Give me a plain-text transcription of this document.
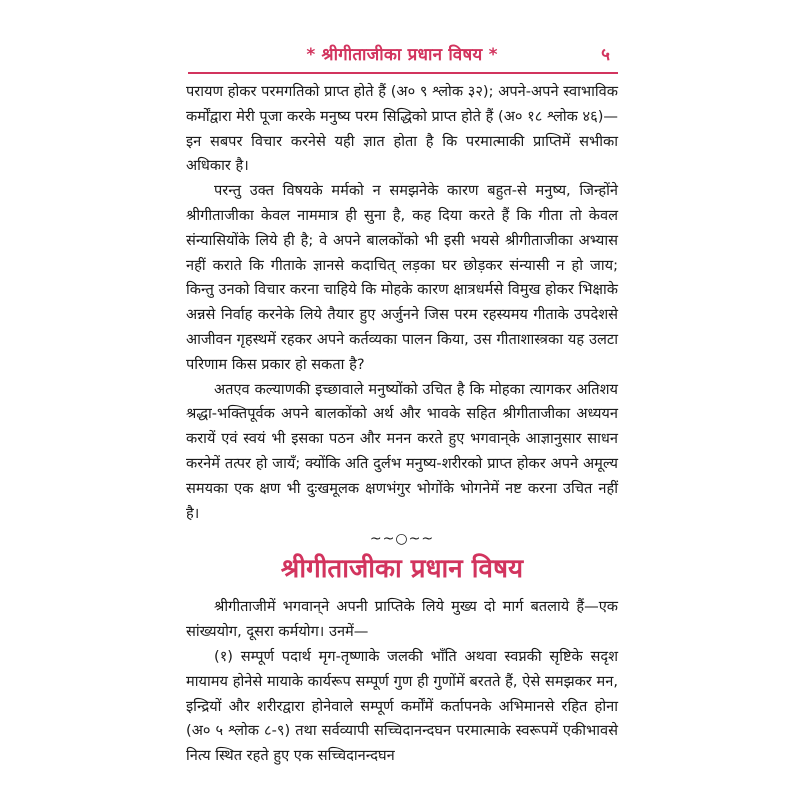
* श्रीगीताजीका प्रधान विषय *	५

परायण होकर परमगतिको प्राप्त होते हैं (अ० ९ श्लोक ३२); अपने-अपने स्वाभाविक कर्मोंद्वारा मेरी पूजा करके मनुष्य परम सिद्धिको प्राप्त होते हैं (अ० १८ श्लोक ४६)—इन सबपर विचार करनेसे यही ज्ञात होता है कि परमात्माकी प्राप्तिमें सभीका अधिकार है।

परन्तु उक्त विषयके मर्मको न समझनेके कारण बहुत-से मनुष्य, जिन्होंने श्रीगीताजीका केवल नाममात्र ही सुना है, कह दिया करते हैं कि गीता तो केवल संन्यासियोंके लिये ही है; वे अपने बालकोंको भी इसी भयसे श्रीगीताजीका अभ्यास नहीं कराते कि गीताके ज्ञानसे कदाचित् लड़का घर छोड़कर संन्यासी न हो जाय; किन्तु उनको विचार करना चाहिये कि मोहके कारण क्षात्रधर्मसे विमुख होकर भिक्षाके अन्नसे निर्वाह करनेके लिये तैयार हुए अर्जुनने जिस परम रहस्यमय गीताके उपदेशसे आजीवन गृहस्थमें रहकर अपने कर्तव्यका पालन किया, उस गीताशास्त्रका यह उलटा परिणाम किस प्रकार हो सकता है?

अतएव कल्याणकी इच्छावाले मनुष्योंको उचित है कि मोहका त्यागकर अतिशय श्रद्धा-भक्तिपूर्वक अपने बालकोंको अर्थ और भावके सहित श्रीगीताजीका अध्ययन करायें एवं स्वयं भी इसका पठन और मनन करते हुए भगवान्‌के आज्ञानुसार साधन करनेमें तत्पर हो जायँ; क्योंकि अति दुर्लभ मनुष्य-शरीरको प्राप्त होकर अपने अमूल्य समयका एक क्षण भी दुःखमूलक क्षणभंगुर भोगोंके भोगनेमें नष्ट करना उचित नहीं है।

~~○~~
श्रीगीताजीका प्रधान विषय

श्रीगीताजीमें भगवान्‌ने अपनी प्राप्तिके लिये मुख्य दो मार्ग बतलाये हैं—एक सांख्ययोग, दूसरा कर्मयोग। उनमें—

(१) सम्पूर्ण पदार्थ मृग-तृष्णाके जलकी भाँति अथवा स्वप्नकी सृष्टिके सदृश मायामय होनेसे मायाके कार्यरूप सम्पूर्ण गुण ही गुणोंमें बरतते हैं, ऐसे समझकर मन, इन्द्रियों और शरीरद्वारा होनेवाले सम्पूर्ण कर्मोंमें कर्तापनके अभिमानसे रहित होना (अ० ५ श्लोक ८-९) तथा सर्वव्यापी सच्चिदानन्दघन परमात्माके स्वरूपमें एकीभावसे नित्य स्थित रहते हुए एक सच्चिदानन्दघन
